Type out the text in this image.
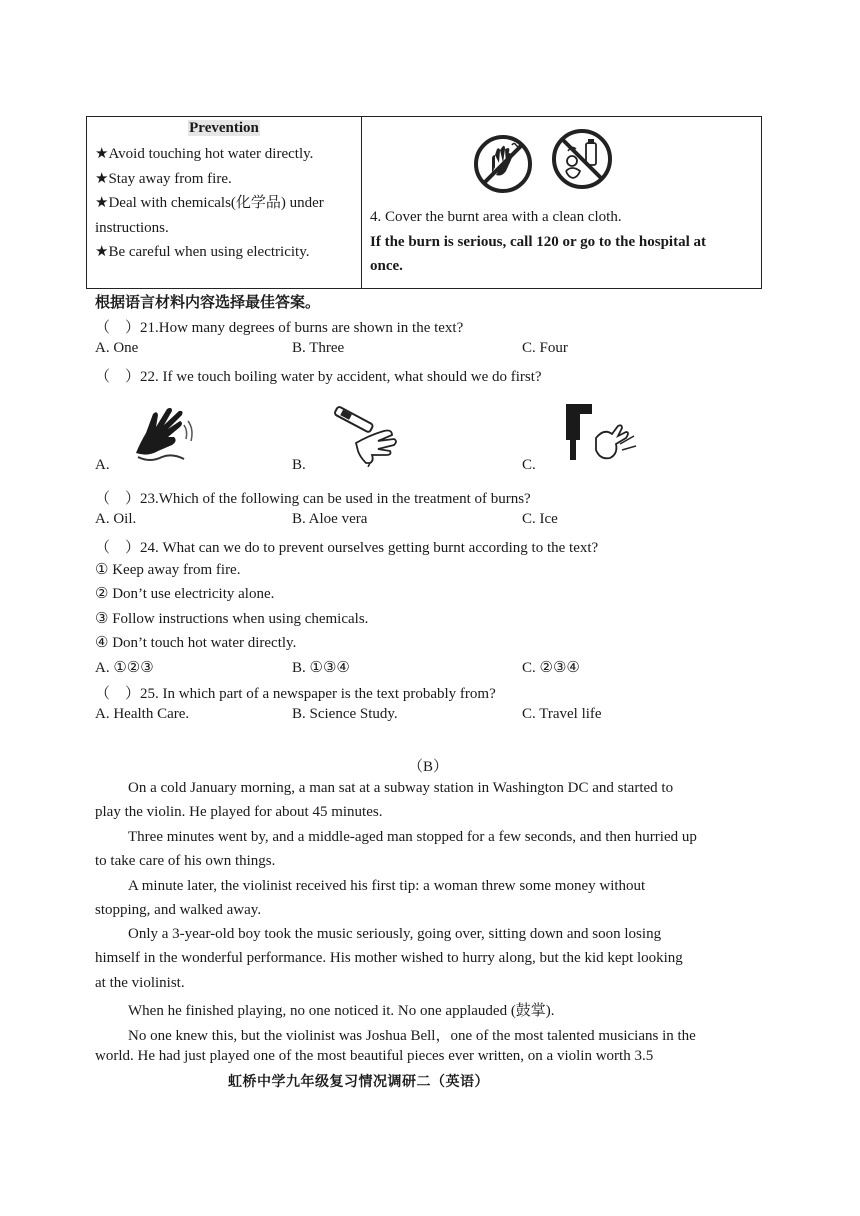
Prevention
★Avoid touching hot water directly.
★Stay away from fire.
★Deal with chemicals(化学品) under
instructions.
★Be careful when using electricity.

4. Cover the burnt area with a clean cloth.
If the burn is serious, call 120 or go to the hospital at
once.
根据语言材料内容选择最佳答案。
（　）21.How many degrees of burns are shown in the text?
A. One	B. Three	C. Four
（　）22. If we touch boiling water by accident, what should we do first?
A.	B.	C.
（　）23.Which of the following can be used in the treatment of burns?
A. Oil.	B. Aloe vera	C. Ice
（　）24. What can we do to prevent ourselves getting burnt according to the text?
① Keep away from fire.
② Don’t use electricity alone.
③ Follow instructions when using chemicals.
④ Don’t touch hot water directly.
A. ①②③	B. ①③④	C. ②③④
（　）25. In which part of a newspaper is the text probably from?
A. Health Care.	B. Science Study.	C. Travel life
（B）
On a cold January morning, a man sat at a subway station in Washington DC and started to
play the violin. He played for about 45 minutes.
Three minutes went by, and a middle-aged man stopped for a few seconds, and then hurried up
to take care of his own things.
A minute later, the violinist received his first tip: a woman threw some money without
stopping, and walked away.
Only a 3-year-old boy took the music seriously, going over, sitting down and soon losing
himself in the wonderful performance. His mother wished to hurry along, but the kid kept looking
at the violinist.
When he finished playing, no one noticed it. No one applauded (鼓掌).
No one knew this, but the violinist was Joshua Bell，one of the most talented musicians in the
world. He had just played one of the most beautiful pieces ever written, on a violin worth 3.5
虹桥中学九年级复习情况调研二（英语）
